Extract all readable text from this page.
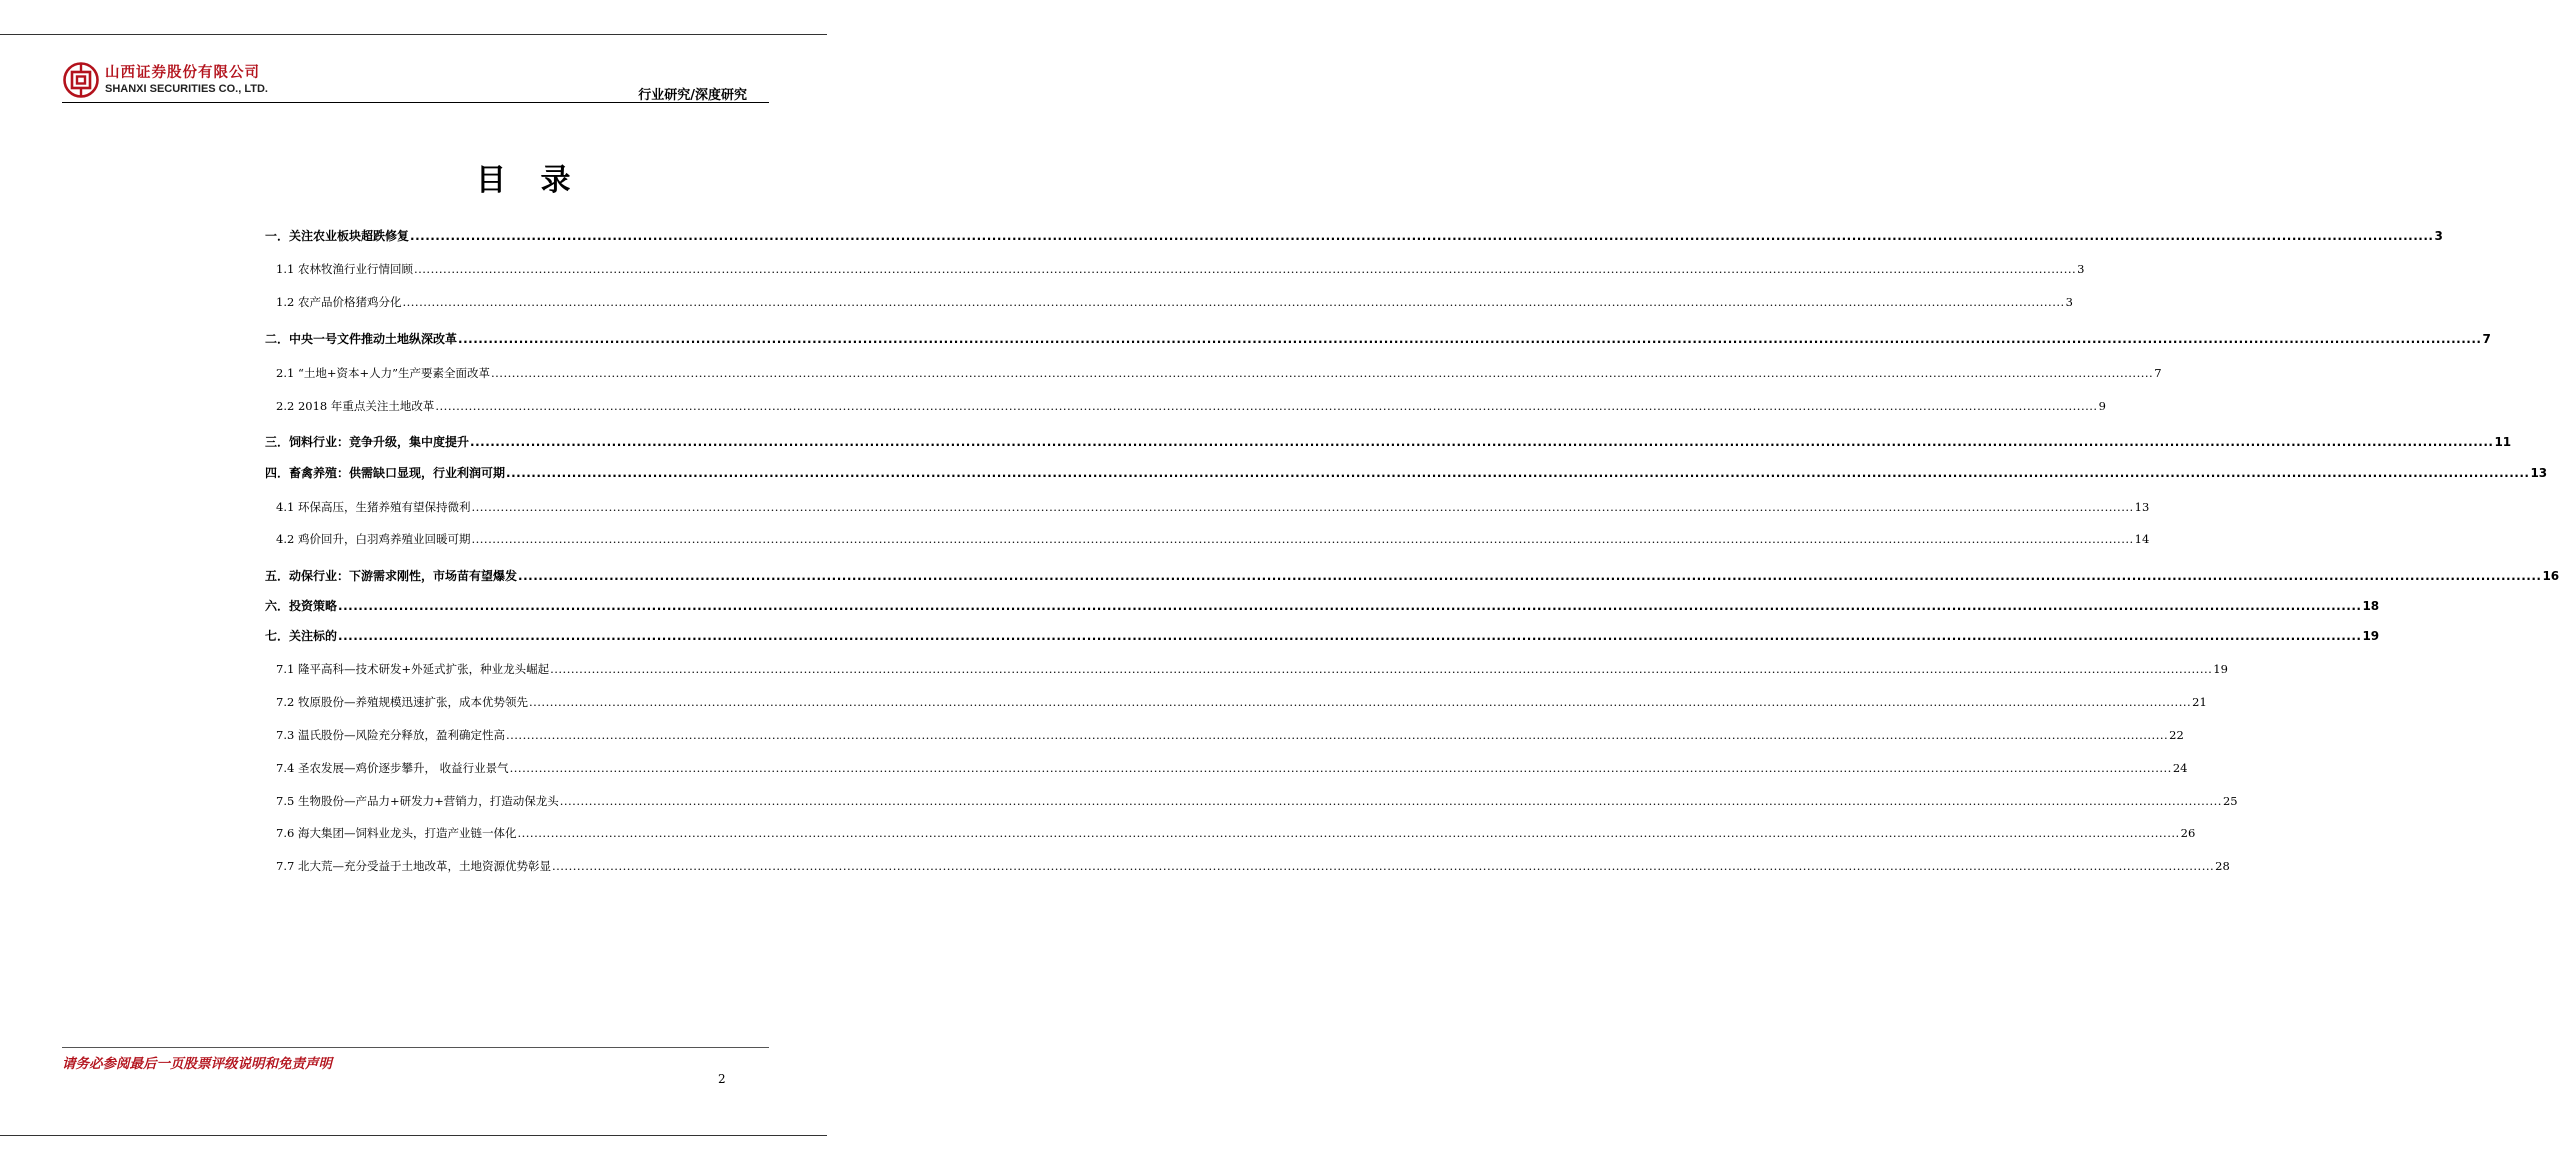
山西证券股份有限公司
SHANXI SECURITIES CO., LTD.	行业研究/深度研究
目 录
一．关注农业板块超跌修复 ................................................................................................................................................................................................................................................................................................................................................................................................................ 3
1.1 农林牧渔行业行情回顾 ................................................................................................................................................................................................................................................................................................................................................................................................................ 3
1.2 农产品价格猪鸡分化 ................................................................................................................................................................................................................................................................................................................................................................................................................ 3
二．中央一号文件推动土地纵深改革 ................................................................................................................................................................................................................................................................................................................................................................................................................ 7
2.1 “土地+资本+人力”生产要素全面改革 ................................................................................................................................................................................................................................................................................................................................................................................................................ 7
2.2 2018 年重点关注土地改革 ................................................................................................................................................................................................................................................................................................................................................................................................................ 9
三．饲料行业：竞争升级，集中度提升 ................................................................................................................................................................................................................................................................................................................................................................................................................ 11
四．畜禽养殖：供需缺口显现，行业利润可期 ................................................................................................................................................................................................................................................................................................................................................................................................................ 13
4.1 环保高压，生猪养殖有望保持微利 ................................................................................................................................................................................................................................................................................................................................................................................................................ 13
4.2 鸡价回升，白羽鸡养殖业回暖可期 ................................................................................................................................................................................................................................................................................................................................................................................................................ 14
五．动保行业：下游需求刚性，市场苗有望爆发 ................................................................................................................................................................................................................................................................................................................................................................................................................ 16
六．投资策略 ................................................................................................................................................................................................................................................................................................................................................................................................................ 18
七．关注标的 ................................................................................................................................................................................................................................................................................................................................................................................................................ 19
7.1 隆平高科—技术研发+外延式扩张，种业龙头崛起 ................................................................................................................................................................................................................................................................................................................................................................................................................ 19
7.2 牧原股份—养殖规模迅速扩张，成本优势领先 ................................................................................................................................................................................................................................................................................................................................................................................................................ 21
7.3 温氏股份—风险充分释放，盈利确定性高 ................................................................................................................................................................................................................................................................................................................................................................................................................ 22
7.4 圣农发展—鸡价逐步攀升， 收益行业景气 ................................................................................................................................................................................................................................................................................................................................................................................................................ 24
7.5 生物股份—产品力+研发力+营销力，打造动保龙头 ................................................................................................................................................................................................................................................................................................................................................................................................................ 25
7.6 海大集团—饲料业龙头，打造产业链一体化 ................................................................................................................................................................................................................................................................................................................................................................................................................ 26
7.7 北大荒—充分受益于土地改革，土地资源优势彰显 ................................................................................................................................................................................................................................................................................................................................................................................................................ 28
请务必参阅最后一页股票评级说明和免责声明
2
